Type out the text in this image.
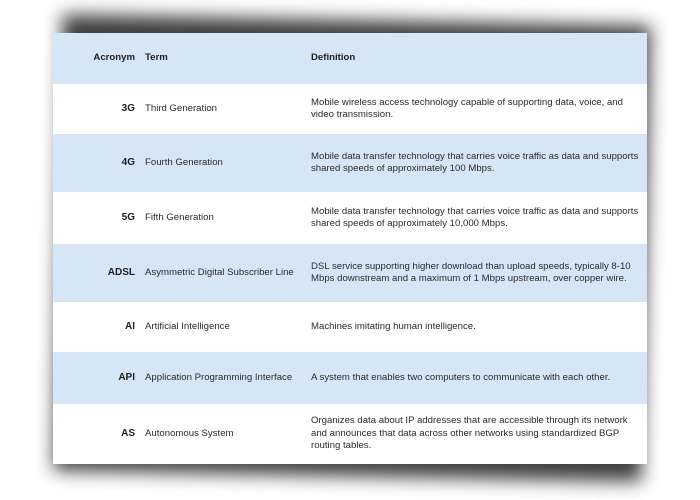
Acronym Term	Definition
3G Third Generation
Mobile wireless access technology capable of supporting data, voice, and video transmission.
4G Fourth Generation
Mobile data transfer technology that carries voice traffic as data and supports shared speeds of approximately 100 Mbps.
5G Fifth Generation
Mobile data transfer technology that carries voice traffic as data and supports shared speeds of approximately 10,000 Mbps.
ADSL Asymmetric Digital Subscriber Line
DSL service supporting higher download than upload speeds, typically 8-10 Mbps downstream and a maximum of 1 Mbps upstream, over copper wire.
AI Artificial Intelligence	Machines imitating human intelligence.
API Application Programming Interface A system that enables two computers to communicate with each other.
AS Autonomous System
Organizes data about IP addresses that are accessible through its network and announces that data across other networks using standardized BGP routing tables.
